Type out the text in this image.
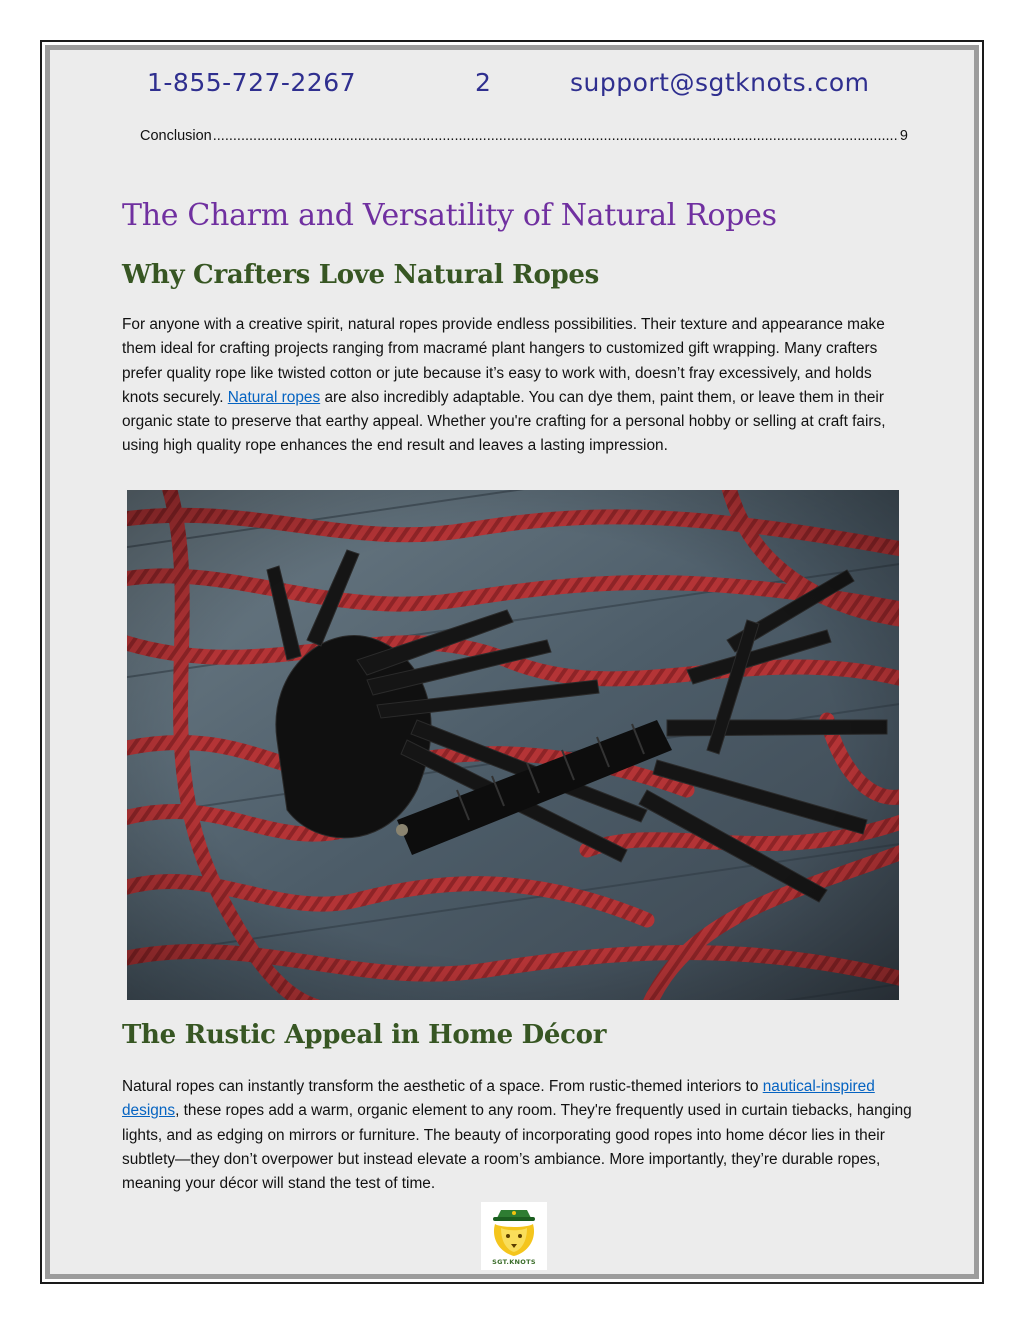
1-855-727-2267	2	support@sgtknots.com
Conclusion
.....	9
The Charm and Versatility of Natural Ropes
Why Crafters Love Natural Ropes
For anyone with a creative spirit, natural ropes provide endless possibilities. Their texture and appearance make them ideal for crafting projects ranging from macramé plant hangers to customized gift wrapping. Many crafters prefer quality rope like twisted cotton or jute because it’s easy to work with, doesn’t fray excessively, and holds knots securely. Natural ropes are also incredibly adaptable. You can dye them, paint them, or leave them in their organic state to preserve that earthy appeal. Whether you're crafting for a personal hobby or selling at craft fairs, using high quality rope enhances the end result and leaves a lasting impression.
The Rustic Appeal in Home Décor
Natural ropes can instantly transform the aesthetic of a space. From rustic-themed interiors to nautical-inspired designs, these ropes add a warm, organic element to any room. They're frequently used in curtain tiebacks, hanging lights, and as edging on mirrors or furniture. The beauty of incorporating good ropes into home décor lies in their subtlety—they don’t overpower but instead elevate a room’s ambiance. More importantly, they’re durable ropes, meaning your décor will stand the test of time.
SGT.KNOTS
